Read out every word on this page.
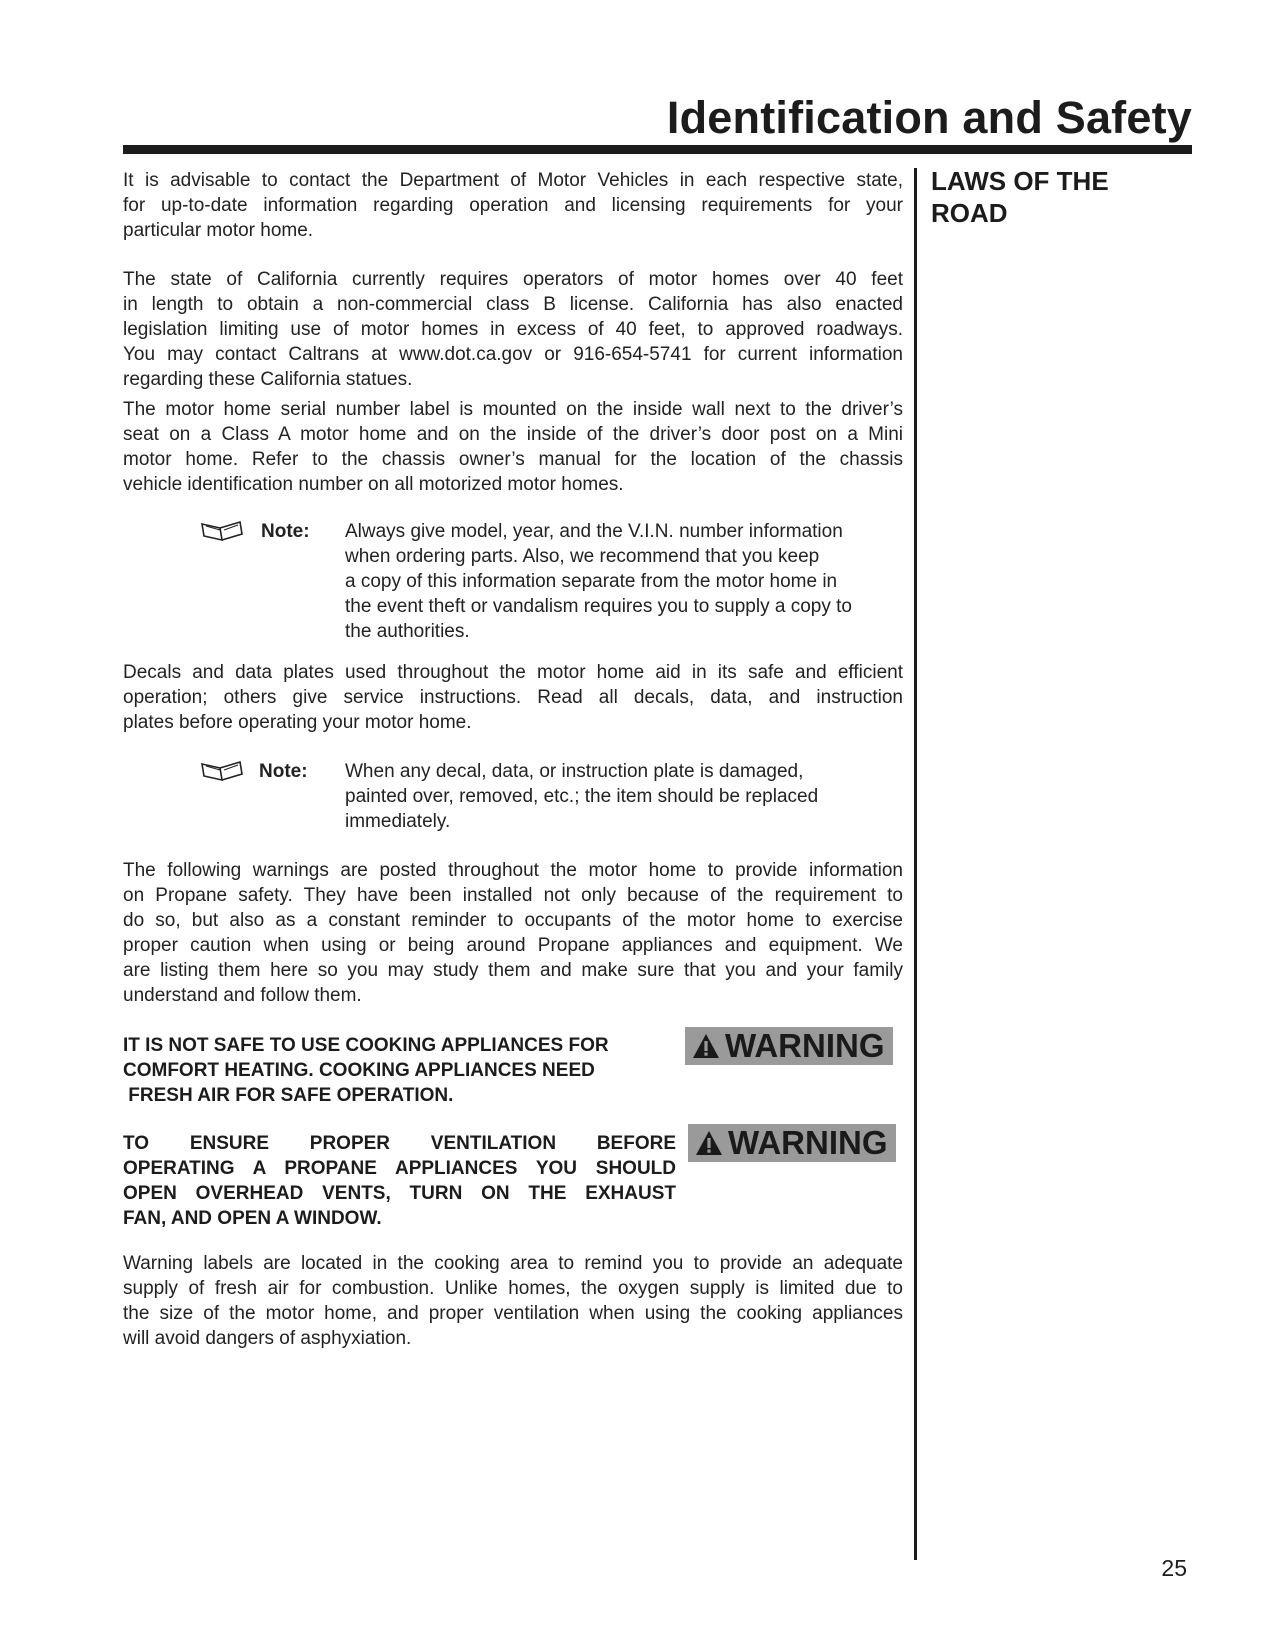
Identification and Safety
LAWS OF THE
ROAD
It is advisable to contact the Department of Motor Vehicles in each respective state,
for up-to-date information regarding operation and licensing requirements for your
particular motor home.
The state of California currently requires operators of motor homes over 40 feet
in length to obtain a non-commercial class B license. California has also enacted
legislation limiting use of motor homes in excess of 40 feet, to approved roadways.
You may contact Caltrans at www.dot.ca.gov or 916-654-5741 for current information
regarding these California statues.
The motor home serial number label is mounted on the inside wall next to the driver’s
seat on a Class A motor home and on the inside of the driver’s door post on a Mini
motor home. Refer to the chassis owner’s manual for the location of the chassis
vehicle identification number on all motorized motor homes.
Note: Always give model, year, and the V.I.N. number information
when ordering parts. Also, we recommend that you keep
a copy of this information separate from the motor home in
the event theft or vandalism requires you to supply a copy to
the authorities.
Decals and data plates used throughout the motor home aid in its safe and efficient
operation; others give service instructions. Read all decals, data, and instruction
plates before operating your motor home.
Note: When any decal, data, or instruction plate is damaged,
painted over, removed, etc.; the item should be replaced
immediately.
The following warnings are posted throughout the motor home to provide information
on Propane safety. They have been installed not only because of the requirement to
do so, but also as a constant reminder to occupants of the motor home to exercise
proper caution when using or being around Propane appliances and equipment. We
are listing them here so you may study them and make sure that you and your family
understand and follow them.
IT IS NOT SAFE TO USE COOKING APPLIANCES FOR
COMFORT HEATING. COOKING APPLIANCES NEED
FRESH AIR FOR SAFE OPERATION.
TO ENSURE PROPER VENTILATION BEFORE
OPERATING A PROPANE APPLIANCES YOU SHOULD
OPEN OVERHEAD VENTS, TURN ON THE EXHAUST
FAN, AND OPEN A WINDOW.
Warning labels are located in the cooking area to remind you to provide an adequate
supply of fresh air for combustion. Unlike homes, the oxygen supply is limited due to
the size of the motor home, and proper ventilation when using the cooking appliances
will avoid dangers of asphyxiation.
WARNING
WARNING
25
